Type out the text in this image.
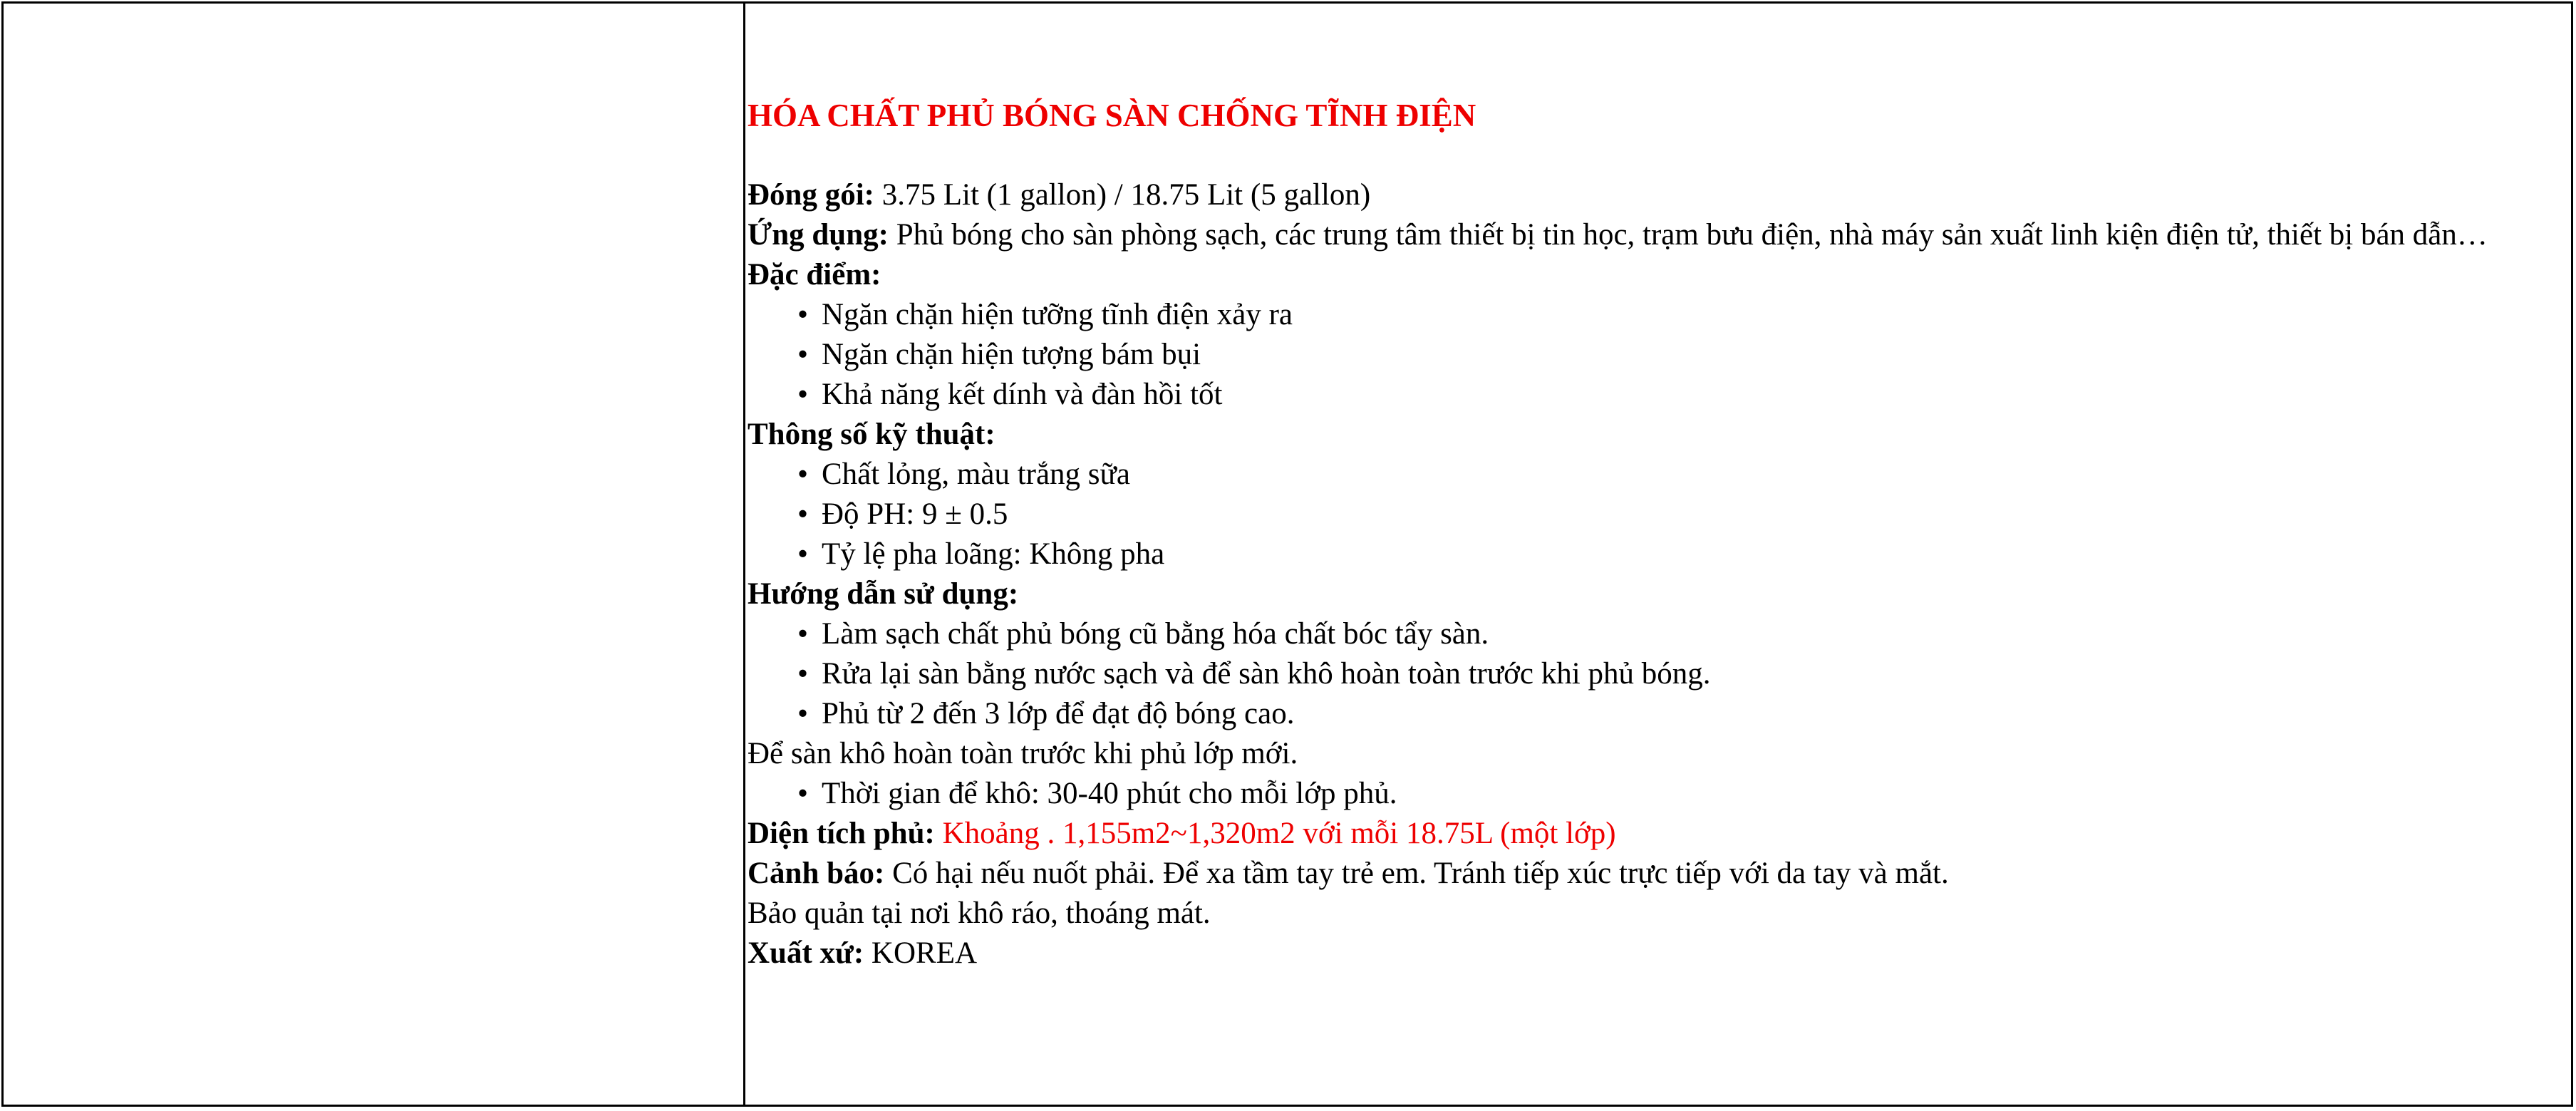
HÓA CHẤT PHỦ BÓNG SÀN CHỐNG TĨNH ĐIỆN
Đóng gói: 3.75 Lit (1 gallon) / 18.75 Lit (5 gallon)
Ứng dụng: Phủ bóng cho sàn phòng sạch, các trung tâm thiết bị tin học, trạm bưu điện, nhà máy sản xuất linh kiện điện tử, thiết bị bán dẫn…
Đặc điểm:
• Ngăn chặn hiện tưỡng tĩnh điện xảy ra
• Ngăn chặn hiện tượng bám bụi
• Khả năng kết dính và đàn hồi tốt
Thông số kỹ thuật:
• Chất lỏng, màu trắng sữa
• Độ PH: 9 ± 0.5
• Tỷ lệ pha loãng: Không pha
Hướng dẫn sử dụng:
• Làm sạch chất phủ bóng cũ bằng hóa chất bóc tẩy sàn.
• Rửa lại sàn bằng nước sạch và để sàn khô hoàn toàn trước khi phủ bóng.
• Phủ từ 2 đến 3 lớp để đạt độ bóng cao.
Để sàn khô hoàn toàn trước khi phủ lớp mới.
• Thời gian để khô: 30-40 phút cho mỗi lớp phủ.
Diện tích phủ: Khoảng . 1,155m2~1,320m2 với mỗi 18.75L (một lớp)
Cảnh báo: Có hại nếu nuốt phải. Để xa tầm tay trẻ em. Tránh tiếp xúc trực tiếp với da tay và mắt.
Bảo quản tại nơi khô ráo, thoáng mát.
Xuất xứ: KOREA
